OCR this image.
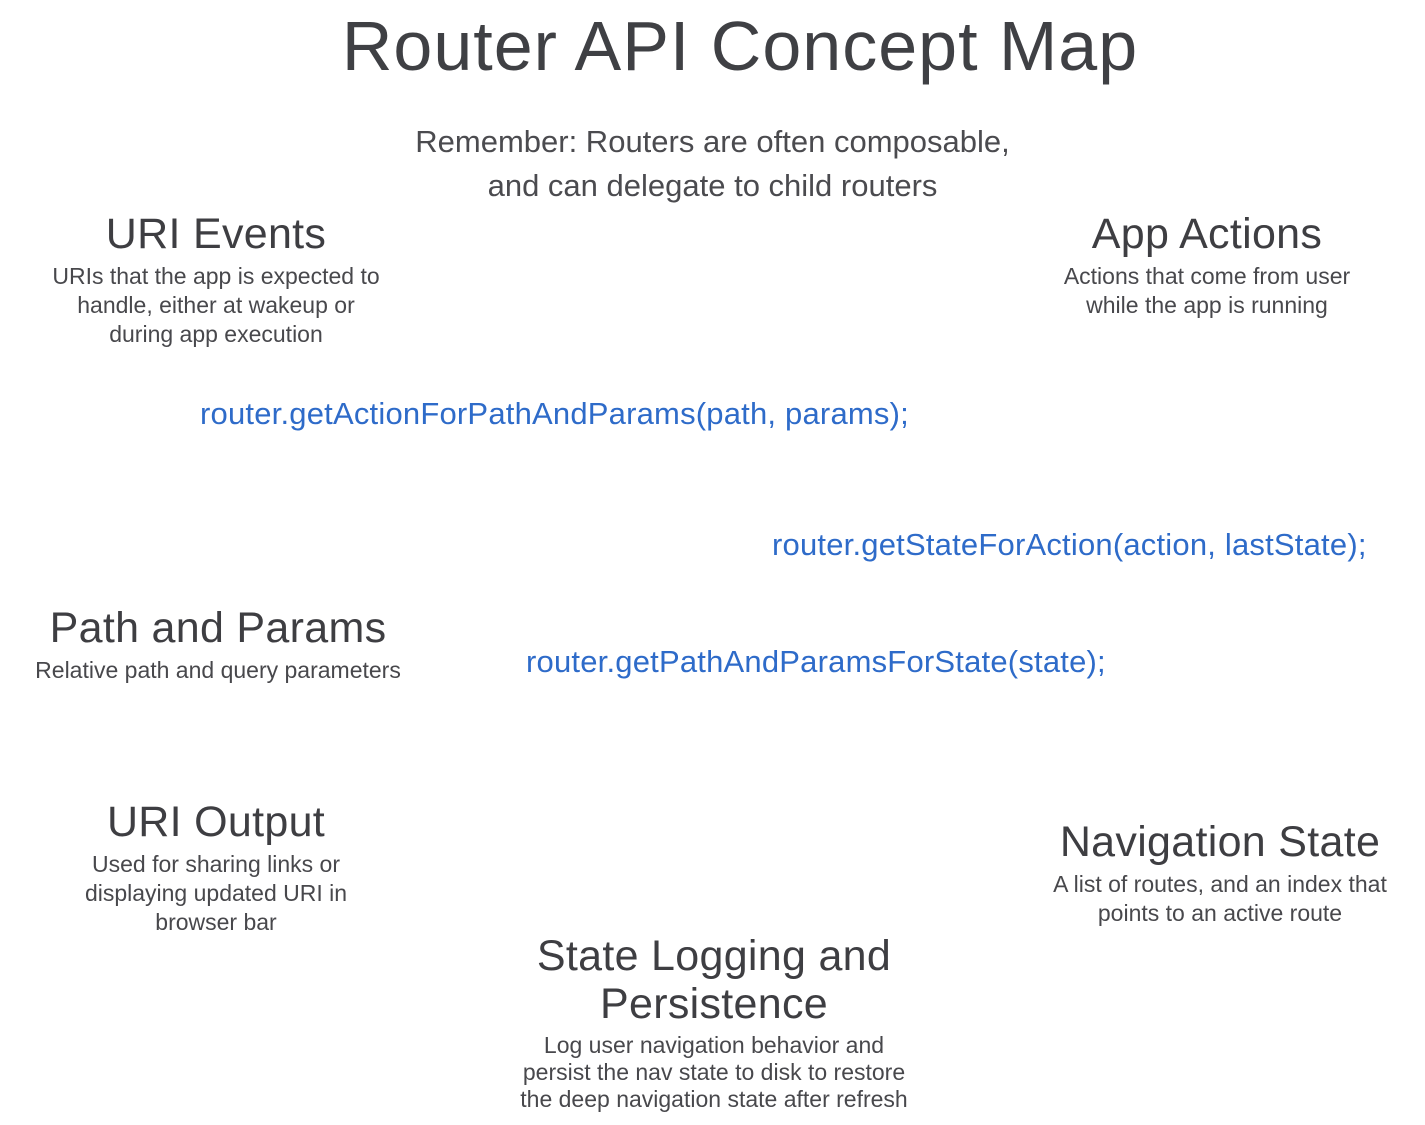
Router API Concept Map
Remember: Routers are often composable,
and can delegate to child routers
URI Events
URIs that the app is expected to
handle, either at wakeup or
during app execution
App Actions
Actions that come from user
while the app is running
router.getActionForPathAndParams(path, params);
router.getStateForAction(action, lastState);
Path and Params
Relative path and query parameters	router.getPathAndParamsForState(state);
URI Output
Used for sharing links or
displaying updated URI in
browser bar
Navigation State
A list of routes, and an index that
points to an active route
State Logging and
Persistence
Log user navigation behavior and
persist the nav state to disk to restore
the deep navigation state after refresh
